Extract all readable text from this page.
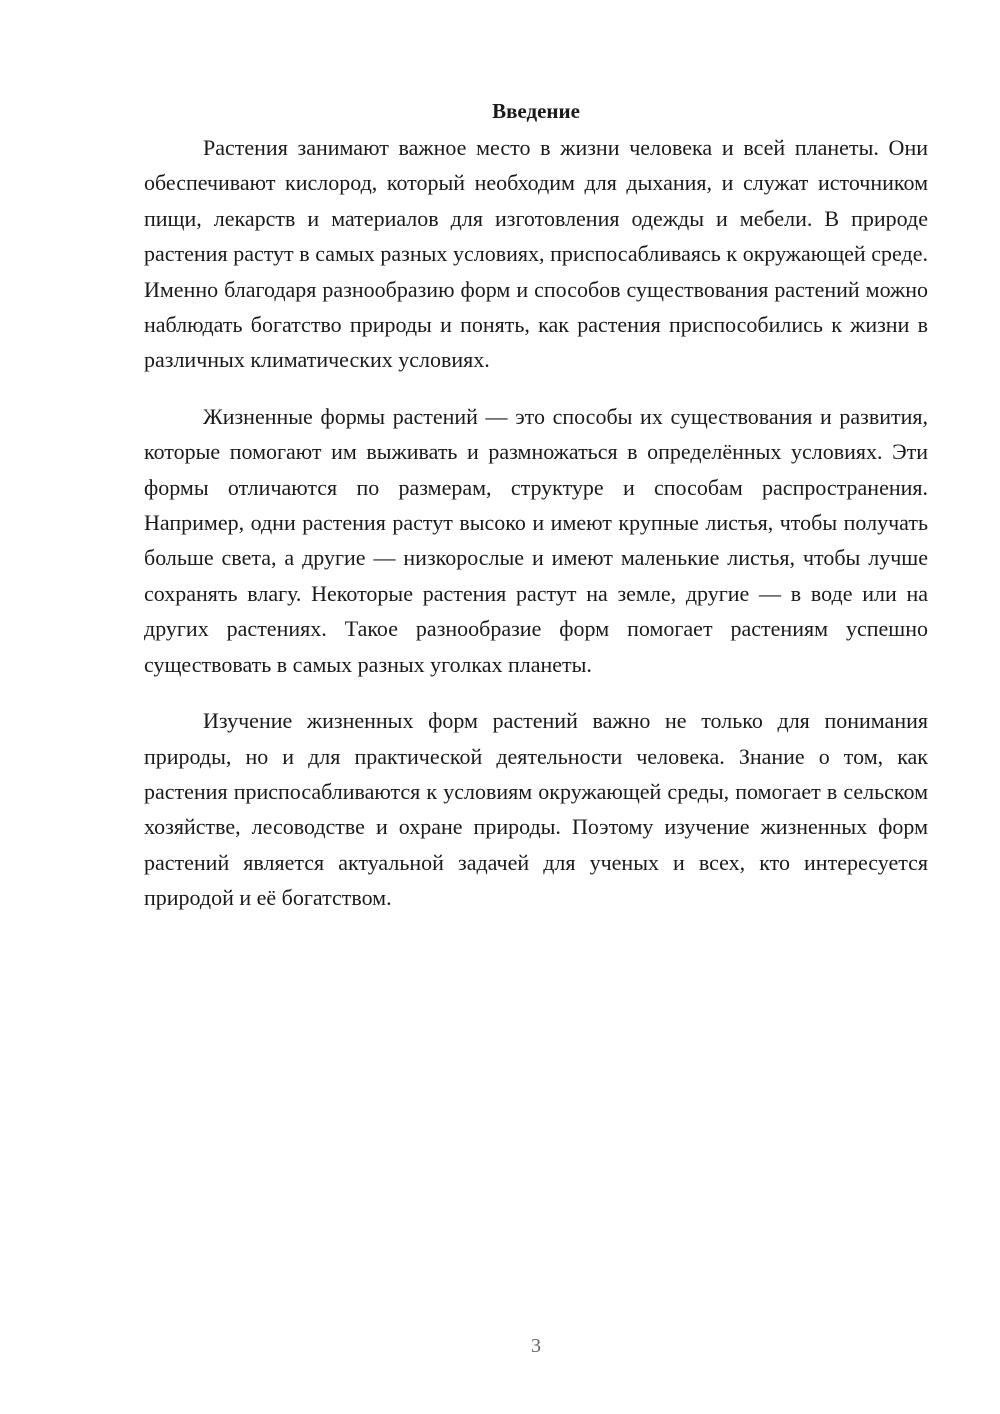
Введение

Растения занимают важное место в жизни человека и всей планеты. Они обеспечивают кислород, который необходим для дыхания, и служат источником пищи, лекарств и материалов для изготовления одежды и мебели. В природе растения растут в самых разных условиях, приспосабливаясь к окружающей среде. Именно благодаря разнообразию форм и способов существования растений можно наблюдать богатство природы и понять, как растения приспособились к жизни в различных климатических условиях.

Жизненные формы растений — это способы их существования и развития, которые помогают им выживать и размножаться в определённых условиях. Эти формы отличаются по размерам, структуре и способам распространения. Например, одни растения растут высоко и имеют крупные листья, чтобы получать больше света, а другие — низкорослые и имеют маленькие листья, чтобы лучше сохранять влагу. Некоторые растения растут на земле, другие — в воде или на других растениях. Такое разнообразие форм помогает растениям успешно существовать в самых разных уголках планеты.

Изучение жизненных форм растений важно не только для понимания природы, но и для практической деятельности человека. Знание о том, как растения приспосабливаются к условиям окружающей среды, помогает в сельском хозяйстве, лесоводстве и охране природы. Поэтому изучение жизненных форм растений является актуальной задачей для ученых и всех, кто интересуется природой и её богатством.

3
